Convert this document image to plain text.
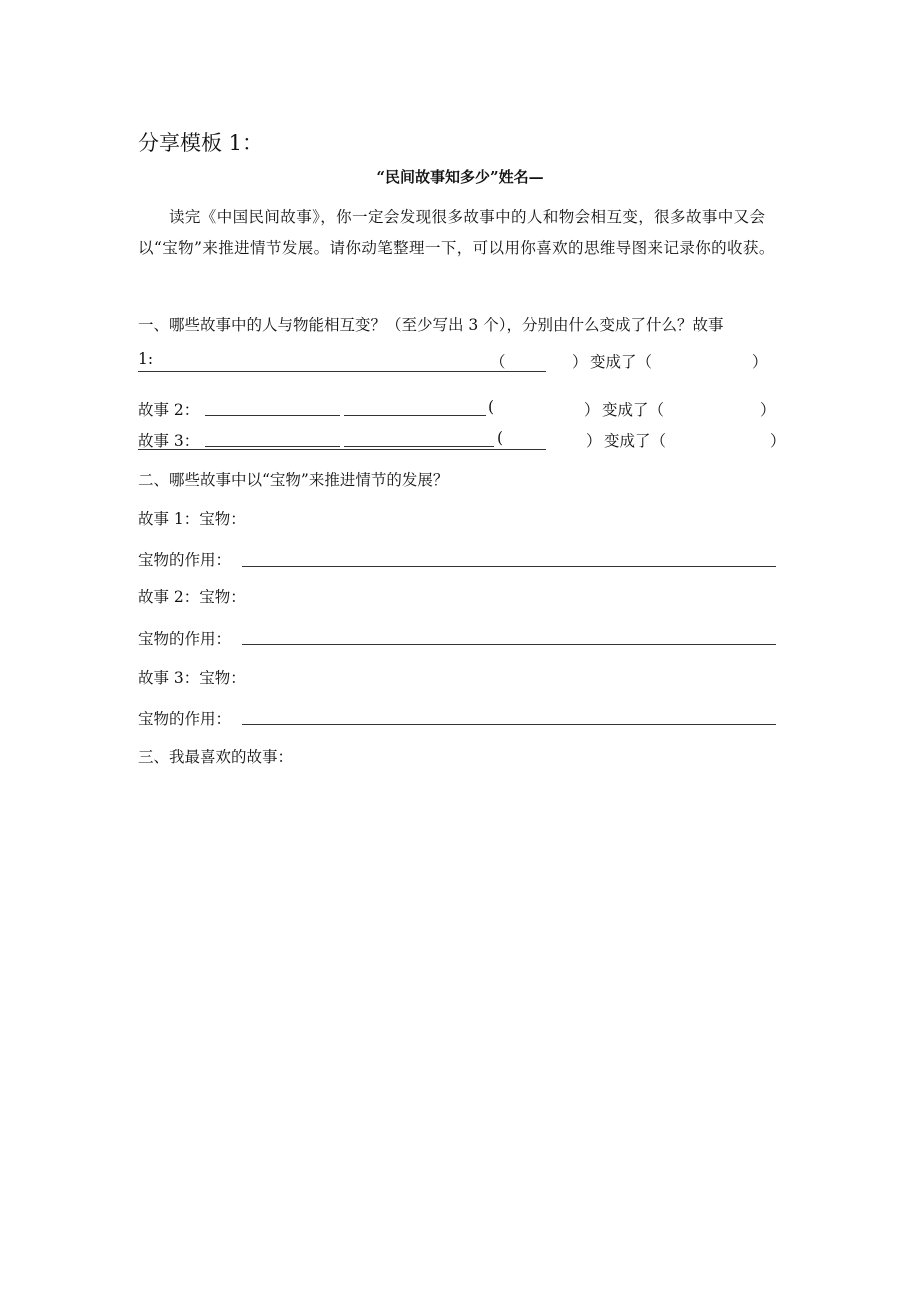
分享模板 1：
“民间故事知多少”姓名—
读完《中国民间故事》，你一定会发现很多故事中的人和物会相互变，很多故事中又会以“宝物”来推进情节发展。请你动笔整理一下，可以用你喜欢的思维导图来记录你的收获。
一、哪些故事中的人与物能相互变？（至少写出 3 个），分别由什么变成了什么？故事
1:	（	） 变成了（	）
故事 2：	(	） 变成了（	）
故事 3：	(	） 变成了（	）
二、哪些故事中以“宝物”来推进情节的发展？
故事 1：宝物：
宝物的作用：
故事 2：宝物：
宝物的作用：
故事 3：宝物：
宝物的作用：
三、我最喜欢的故事：
